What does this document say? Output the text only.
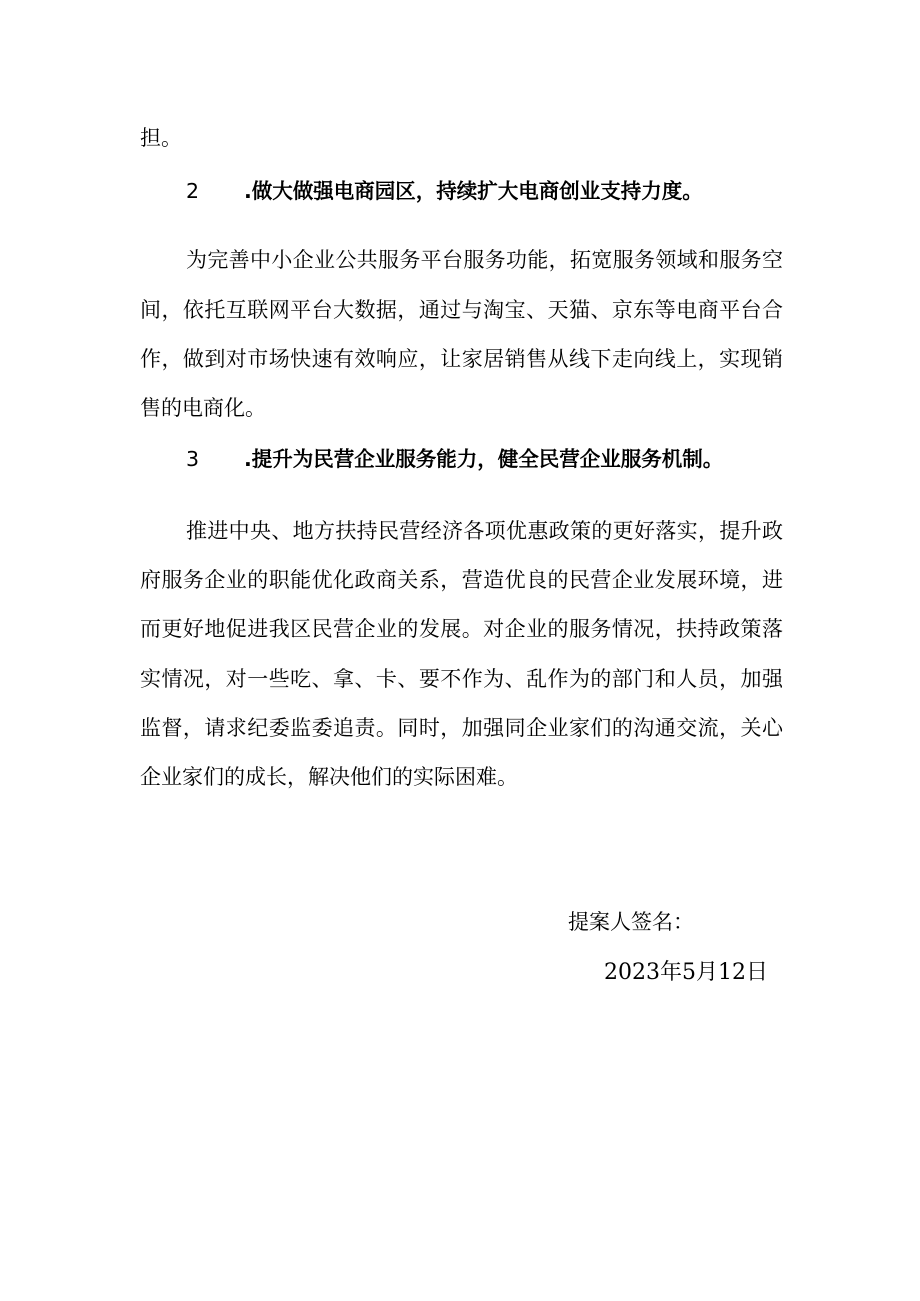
担。
2 .做大做强电商园区，持续扩大电商创业支持力度。
为完善中小企业公共服务平台服务功能，拓宽服务领域和服务空
间，依托互联网平台大数据，通过与淘宝、天猫、京东等电商平台合
作，做到对市场快速有效响应，让家居销售从线下走向线上，实现销
售的电商化。
3 .提升为民营企业服务能力，健全民营企业服务机制。
推进中央、地方扶持民营经济各项优惠政策的更好落实，提升政
府服务企业的职能优化政商关系，营造优良的民营企业发展环境，进
而更好地促进我区民营企业的发展。对企业的服务情况，扶持政策落
实情况，对一些吃、拿、卡、要不作为、乱作为的部门和人员，加强
监督，请求纪委监委追责。同时，加强同企业家们的沟通交流，关心
企业家们的成长，解决他们的实际困难。
提案人签名：
2023年5月12日
